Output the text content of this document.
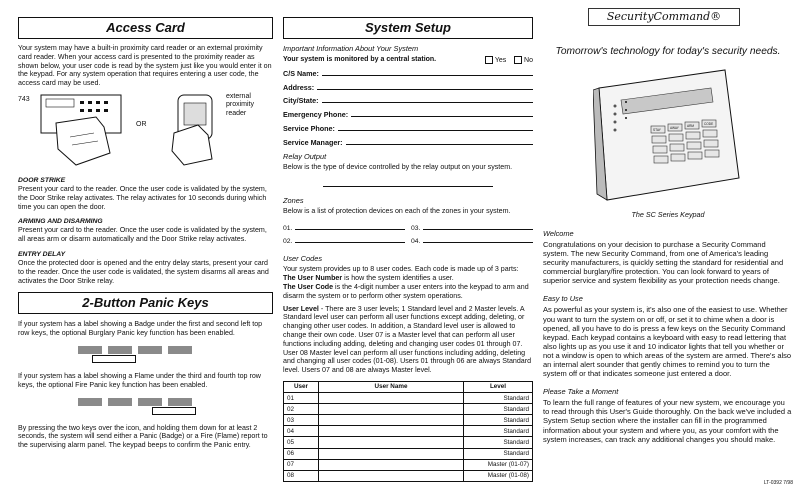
Access Card

Your system may have a built-in proximity card reader or an external proximity card reader. When your access card is presented to the proximity reader as shown below, your user code is read by the system just like you would enter it on the keypad. For any system operation that requires entering a user code, the access card may be used.

743
OR
external proximity reader
DOOR STRIKE

Present your card to the reader. Once the user code is validated by the system, the Door Strike relay activates. The relay activates for 10 seconds during which time you can open the door.

ARMING AND DISARMING

Present your card to the reader. Once the user code is validated by the system, all areas arm or disarm automatically and the Door Strike relay activates.

ENTRY DELAY

Once the protected door is opened and the entry delay starts, present your card to the reader. Once the user code is validated, the system disarms all areas and activates the Door Strike relay.

2-Button Panic Keys

If your system has a label showing a Badge under the first and second left top row keys, the optional Burglary Panic key function has been enabled.

If your system has a label showing a Flame under the third and fourth top row keys, the optional Fire Panic key function has been enabled.

By pressing the two keys over the icon, and holding them down for at least 2 seconds, the system will send either a Panic (Badge) or a Fire (Flame) report to the supervising alarm panel. The keypad beeps to confirm the Panic entry.

System Setup
Important Information About Your System
Your system is monitored by a central station.	Yes	No
C/S Name:
Address:
City/State:
Emergency Phone:
Service Phone:
Service Manager:
Relay Output

Below is the type of device controlled by the relay output on your system.

Zones

Below is a list of protection devices on each of the zones in your system.

01.	03.
02.	04.
User Codes

Your system provides up to 8 user codes. Each code is made up of 3 parts:

The User Number is how the system identifies a user.

The User Code is the 4-digit number a user enters into the keypad to arm and disarm the system or to perform other system operations.

User Level - There are 3 user levels; 1 Standard level and 2 Master levels. A Standard level user can perform all user functions except adding, deleting, or changing other user codes. In addition, a Standard level user is allowed to change their own code. User 07 is a Master level that can perform all user functions including adding, deleting and changing user codes 01 through 07. User 08 Master level can perform all user functions including adding, deleting and changing all user codes (01-08). Users 01 through 06 are always Standard level. Users 07 and 08 are always Master level.

User	User Name	Level
01		Standard
02		Standard
03		Standard
04		Standard
05		Standard
06		Standard
07		Master (01-07)
08		Master (01-08)
SecurityCommand®
Tomorrow's technology for today's security needs.
STAY	AWAY	ARM	CODE
The SC Series Keypad
Welcome

Congratulations on your decision to purchase a Security Command system. The new Security Command, from one of America's leading security manufacturers, is quickly setting the standard for residential and commercial burglary/fire protection. You can look forward to years of superior service and system flexibility as your protection needs change.

Easy to Use

As powerful as your system is, it's also one of the easiest to use. Whether you want to turn the system on or off, or set it to chime when a door is opened, all you have to do is press a few keys on the Security Command keypad. Each keypad contains a keyboard with easy to read lettering that also lights up as you use it and 10 indicator lights that tell you whether or not a window is open to which areas of the system are armed. There's also an internal alert sounder that gently chimes to remind you to turn the system off or that indicates someone just entered a door.

Please Take a Moment

To learn the full range of features of your new system, we encourage you to read through this User's Guide thoroughly. On the back we've included a System Setup section where the installer can fill in the programmed information about your system and where you, as your comfort with the system increases, can track any additional changes you should make.

LT-0392 7/98
